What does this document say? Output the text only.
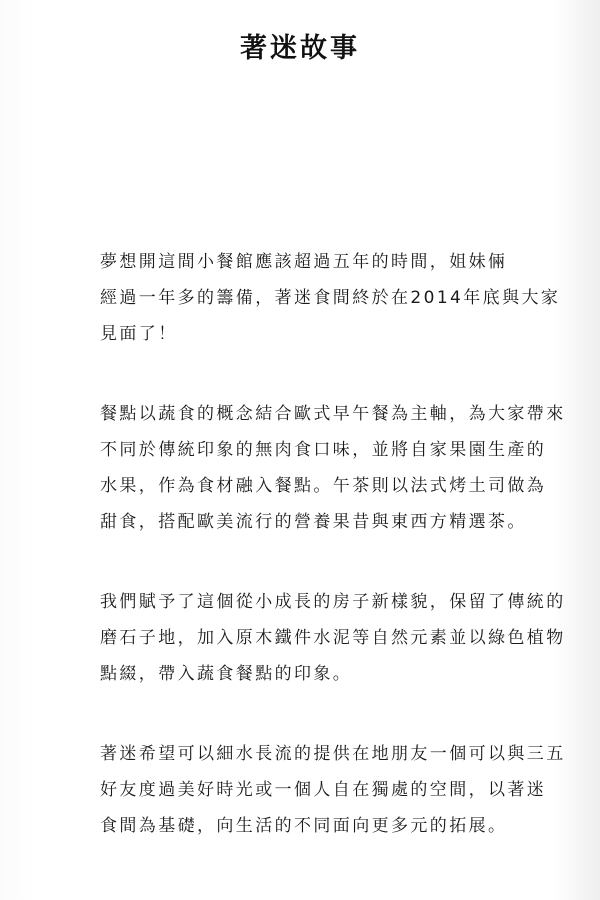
著迷故事
夢想開這間小餐館應該超過五年的時間，姐妹倆
經過一年多的籌備，著迷食間終於在2014年底與大家
見面了！
餐點以蔬食的概念結合歐式早午餐為主軸，為大家帶來
不同於傳統印象的無肉食口味，並將自家果園生產的
水果，作為食材融入餐點。午茶則以法式烤土司做為
甜食，搭配歐美流行的營養果昔與東西方精選茶。
我們賦予了這個從小成長的房子新樣貌，保留了傳統的
磨石子地，加入原木鐵件水泥等自然元素並以綠色植物
點綴，帶入蔬食餐點的印象。
著迷希望可以細水長流的提供在地朋友一個可以與三五
好友度過美好時光或一個人自在獨處的空間，以著迷
食間為基礎，向生活的不同面向更多元的拓展。
